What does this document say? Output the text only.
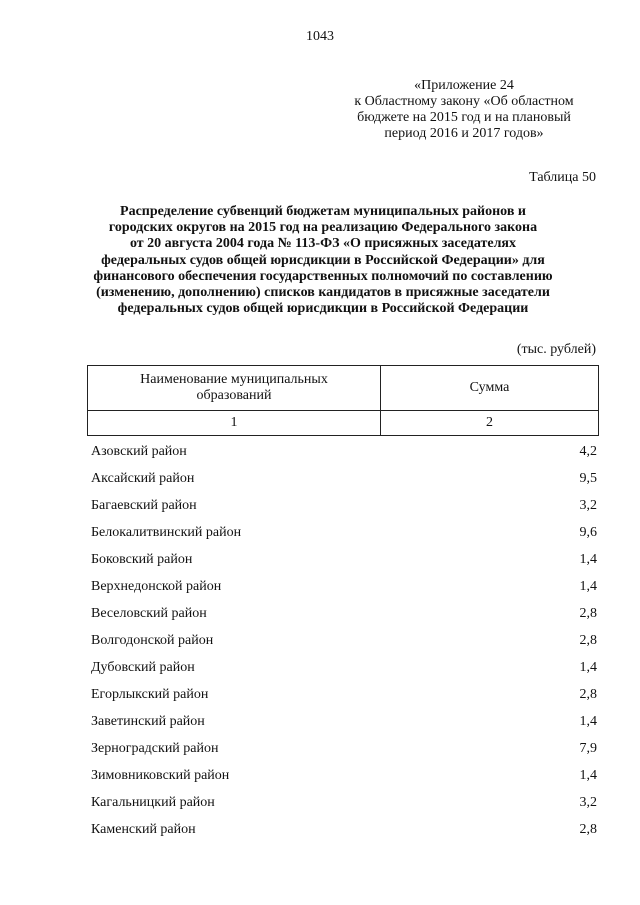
1043
«Приложение 24
к Областному закону «Об областном
бюджете на 2015 год и на плановый
период 2016 и 2017 годов»
Таблица 50
Распределение субвенций бюджетам муниципальных районов и
городских округов на 2015 год на реализацию Федерального закона
от 20 августа 2004 года № 113-ФЗ «О присяжных заседателях
федеральных судов общей юрисдикции в Российской Федерации» для
финансового обеспечения государственных полномочий по составлению
(изменению, дополнению) списков кандидатов в присяжные заседатели
федеральных судов общей юрисдикции в Российской Федерации
(тыс. рублей)
Наименование муниципальных
образований	Сумма
1	2
Азовский район	4,2
Аксайский район	9,5
Багаевский район	3,2
Белокалитвинский район	9,6
Боковский район	1,4
Верхнедонской район	1,4
Веселовский район	2,8
Волгодонской район	2,8
Дубовский район	1,4
Егорлыкский район	2,8
Заветинский район	1,4
Зерноградский район	7,9
Зимовниковский район	1,4
Кагальницкий район	3,2
Каменский район	2,8
